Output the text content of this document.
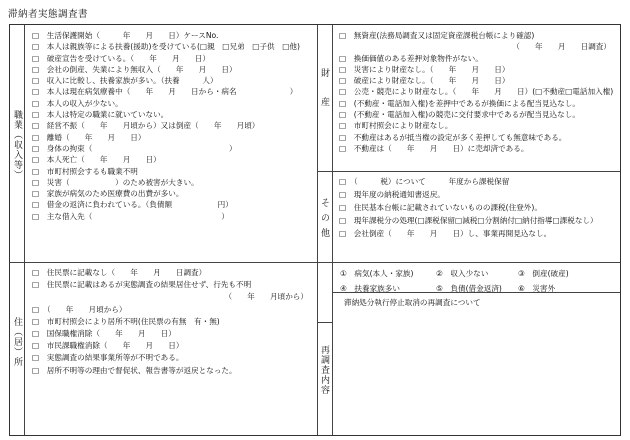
滞納者実態調査書
職業（収入等）
財産
その他
住（居）所
再調査内容
□　生活保護開始（　　　年　　月　　日）ケースNo.
□　本人は親族等による扶養(援助)を受けている(□親　□兄弟　□子供　□他)
□　破産宣告を受けている。（　　年　　月　　日）
□　会社の倒産、失業により無収入（　　年　　月　　日）
□　収入に比較し、扶養家族が多い。（扶養　　　人）
□　本人は現在病気療養中（　　年　　月　　日から・病名　　　　　　　）
□　本人の収入が少ない。
□　本人は特定の職業に就いていない。
□　経営不振（　　年　　月頃から）又は倒産（　　年　　月頃）
□　離婚（　　年　　月　　日）
□　身体の拘束（　　　　　　　　　　　　　　　　　　）
□　本人死亡（　　年　　月　　日）
□　市町村照会するも職業不明
□　災害（　　　　　　）のため被害が大きい。
□　家族が病気のため医療費の出費が多い。
□　借金の返済に負われている。（負債額　　　　　　円）
□　主な借入先（　　　　　　　　　　　　　　　　　）
□　無資産(法務局調査又は固定資産課税台帳により確認)
（　　年　　月　　日調査）
□　換価価値のある差押対象物件がない。
□　災害により財産なし。（　　年　　月　　日）
□　破産により財産なし。（　　年　　月　　日）
□　公売・競売により財産なし。（　　年　　月　　日）(□不動産□電話加入権)
□　(不動産・電話加入権)を差押中であるが換価による配当見込なし。
□　(不動産・電話加入権)の競売に交付要求中であるが配当見込なし。
□　市町村照会により財産なし。
□　不動産はあるが抵当権の設定が多く差押しても無意味である。
□　不動産は（　　年　　月　　日）に売却済である。
□　（　　　税）について　　　年度から課税保留
□　現年度の納税通知書返戻。
□　住民基本台帳に記載されていないものの課税(住登外)。
□　現年課税分の処理(□課税保留□減税□分割納付□納付指導□課税なし）
□　会社倒産（　　年　　月　　日）し、事業再開見込なし。
□　住民票に記載なし（　　年　　月　　日調査）
□　住民票に記載はあるが実態調査の結果居住せず、行先も不明
（　　年　　月頃から）
□　（　　年　　月頃から）
□　市町村照会により居所不明(住民票の有無　有・無)
□　国保職権消除（　　年　　月　　日）
□　市民課職権消除（　　年　　月　　日）
□　実態調査の結果事業所等が不明である。
□　居所不明等の理由で督促状、報告書等が返戻となった。
①　病気(本人・家族)	②　収入少ない	③　倒産(破産)
④　扶養家族多い	⑤　負債(借金返済)	⑥　災害外
滞納処分執行停止取消の再調査について
